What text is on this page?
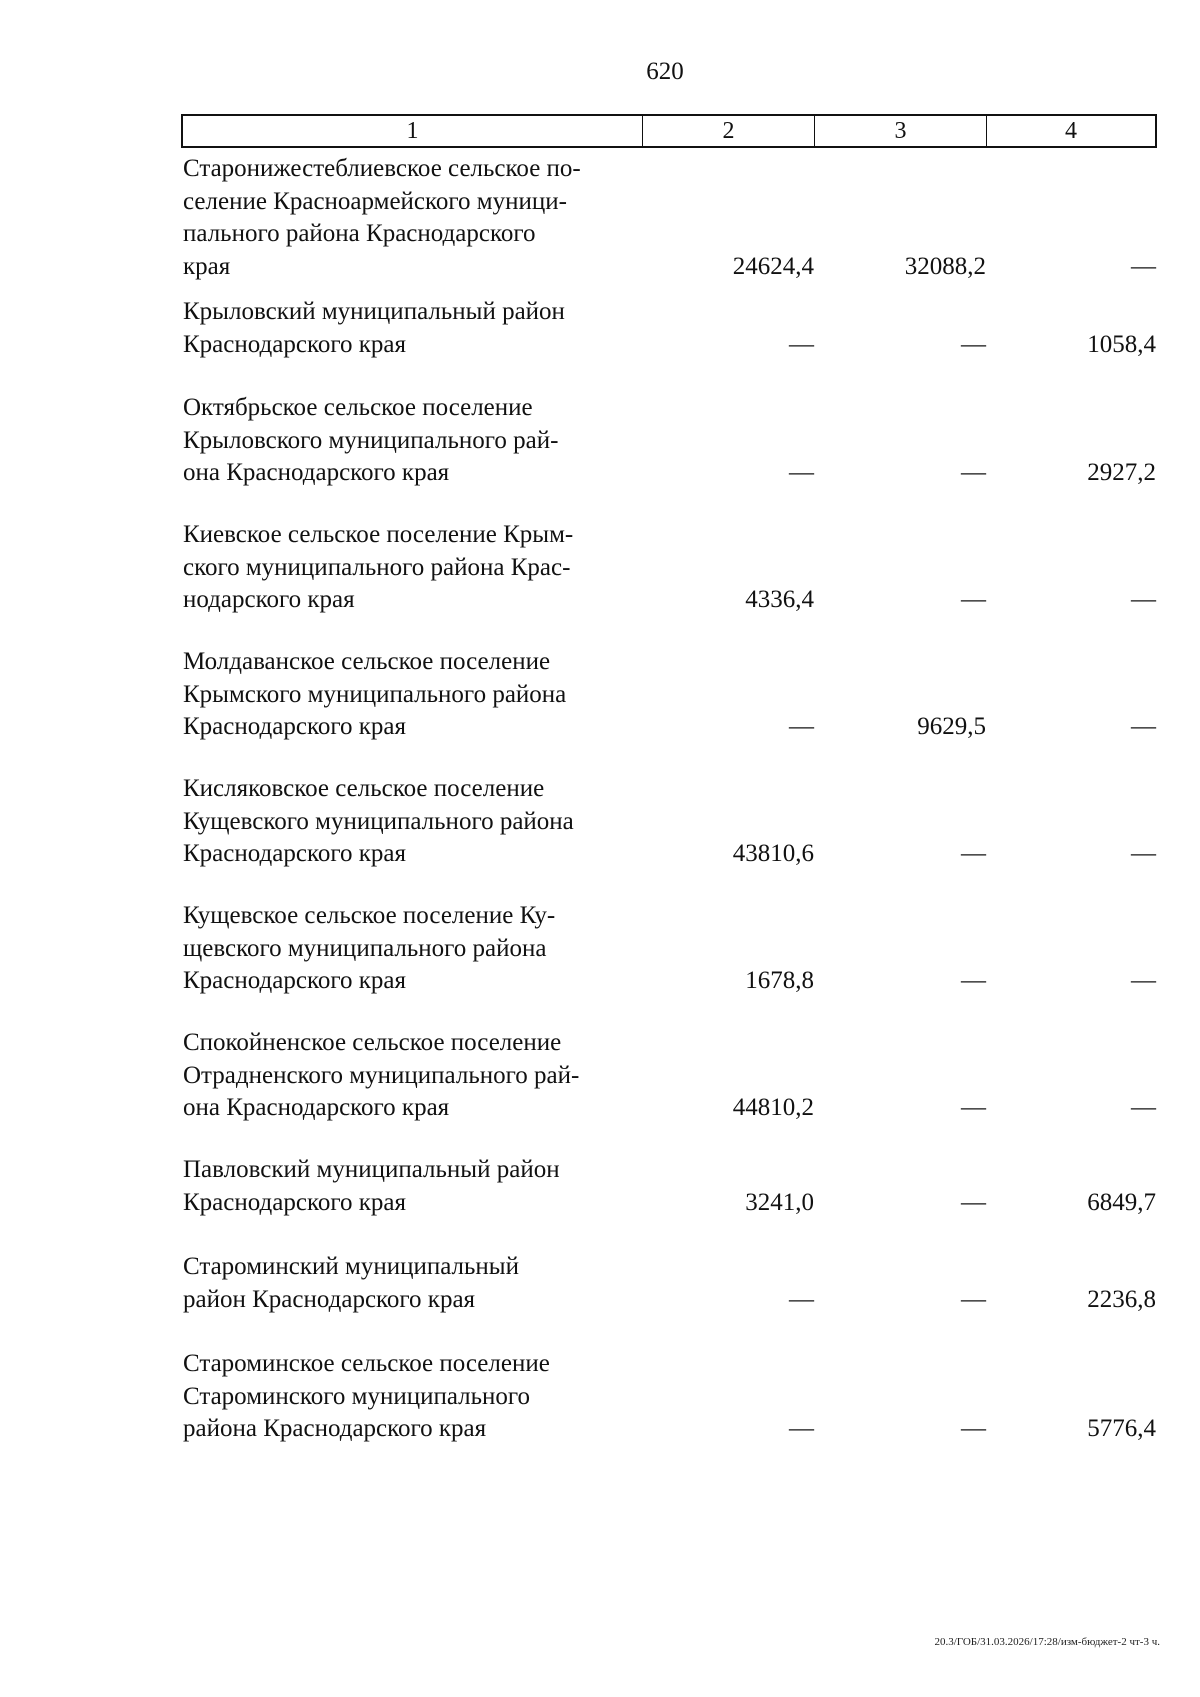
620
1	2	3	4
Старонижестеблиевское сельское по-
селение Красноармейского муници-
пального района Краснодарского
края	24624,4	32088,2	—
Крыловский муниципальный район
Краснодарского края	—	—	1058,4
Октябрьское сельское поселение
Крыловского муниципального рай-
она Краснодарского края	—	—	2927,2
Киевское сельское поселение Крым-
ского муниципального района Крас-
нодарского края	4336,4	—	—
Молдаванское сельское поселение
Крымского муниципального района
Краснодарского края	—	9629,5	—
Кисляковское сельское поселение
Кущевского муниципального района
Краснодарского края	43810,6	—	—
Кущевское сельское поселение Ку-
щевского муниципального района
Краснодарского края	1678,8	—	—
Спокойненское сельское поселение
Отрадненского муниципального рай-
она Краснодарского края	44810,2	—	—
Павловский муниципальный район
Краснодарского края	3241,0	—	6849,7
Староминский муниципальный
район Краснодарского края	—	—	2236,8
Староминское сельское поселение
Староминского муниципального
района Краснодарского края	—	—	5776,4
20.3/ГОБ/31.03.2026/17:28/изм-бюджет-2 чт-3 ч.
